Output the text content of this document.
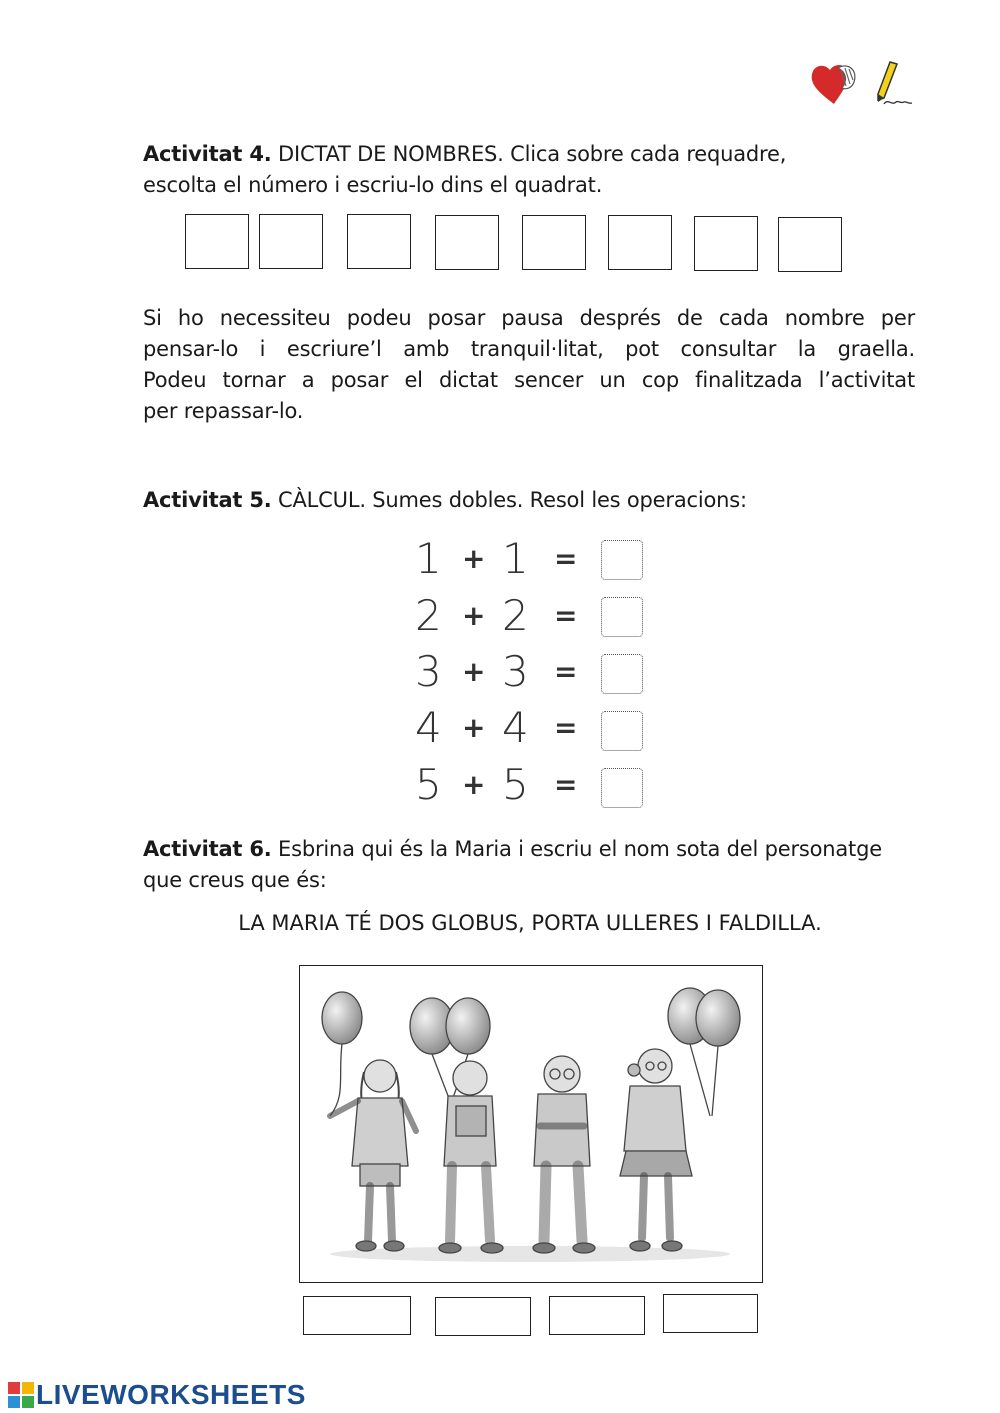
Activitat 4. DICTAT DE NOMBRES. Clica sobre cada requadre,
escolta el número i escriu-lo dins el quadrat.
Si ho necessiteu podeu posar pausa després de cada nombre per
pensar-lo i escriure’l amb tranquil·litat, pot consultar la graella.
Podeu tornar a posar el dictat sencer un cop finalitzada l’activitat
per repassar-lo.
Activitat 5. CÀLCUL. Sumes dobles. Resol les operacions:
1 + 1 =
2 + 2 =
3 + 3 =
4 + 4 =
5 + 5 =
Activitat 6. Esbrina qui és la Maria i escriu el nom sota del personatge
que creus que és:
LA MARIA TÉ DOS GLOBUS, PORTA ULLERES I FALDILLA.
LIVEWORKSHEETS
